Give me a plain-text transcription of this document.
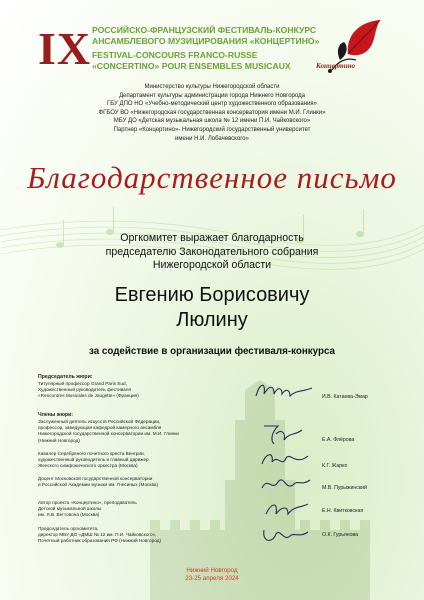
IX РОССИЙСКО-ФРАНЦУЗСКИЙ ФЕСТИВАЛЬ-КОНКУРС
АНСАМБЛЕВОГО МУЗИЦИРОВАНИЯ «КОНЦЕРТИНО»
FESTIVAL-CONCOURS FRANCO-RUSSE
«CONCERTINO» POUR ENSEMBLES MUSICAUX	Концертино
Министерство культуры Нижегородской области
Департамент культуры администрации города Нижнего Новгорода
ГБУ ДПО НО «Учебно-методический центр художественного образования»
ФГБОУ ВО «Нижегородская государственная консерватория имени М.И. Глинки»
МБУ ДО «Детская музыкальная школа № 12 имени П.И. Чайковского»
Партнер «Концертино»- Нижегородский государственный университет
имени Н.И. Лобачевского»
Благодарственное письмо
Оргкомитет выражает благодарность
председателю Законодательного собрания
Нижегородской области
Евгению Борисовичу
Люлину
за содействие в организации фестиваля-конкурса
Председатель жюри:
Титулярный профессор Grand Paris Sud,
Художественный руководитель фестиваля
«Rencontres Musicales de Jaugette» (Франция)	И.В. Катаева-Эмар
Члены жюри:
Заслуженный деятель искусств Российской Федерации,
профессор, заведующая кафедрой камерного ансамбля
Нижегородской государственной консерватории им. М.И. Глинки
(Нижний Новгород)	Е.А. Флёрова
Кавалер Серебряного почетного креста Венгрии,
художественный руководитель и главный дирижер
Женского симфонического оркестра (Москва)	К.Г. Жарко
Доцент Московской государственной консерватории
и Российской Академии музыки им. Гнесиных (Москва)
М.В. Пурыжинский
Автор проекта «Концертино», преподаватель
Детской музыкальной школы
им. Л.В. Вегтовона (Москва)
Е.Н. Квитковская
Председатель оргкомитета,
директор МБУ ДО «ДМШ № 12 им. П.И. Чайковского»,
Почетный работник образования РФ (Нижний Новгород)
О.К. Гурьянова
Нижний Новгород
23-25 апреля 2024
